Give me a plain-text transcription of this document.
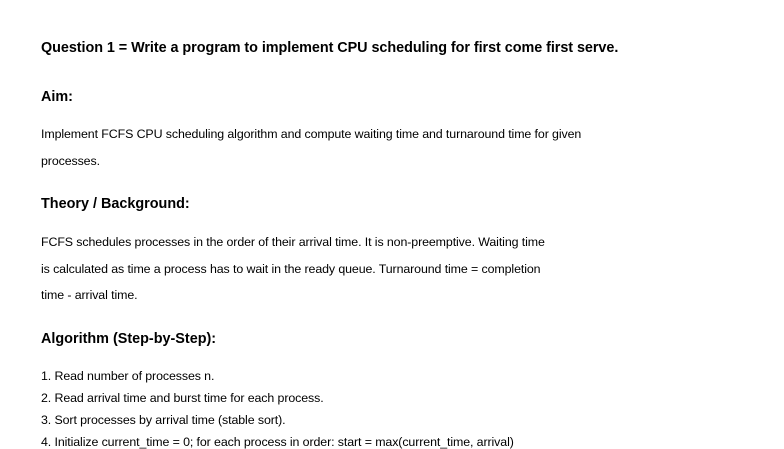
Question 1 = Write a program to implement CPU scheduling for first come first serve.
Aim:
Implement FCFS CPU scheduling algorithm and compute waiting time and turnaround time for given
processes.
Theory / Background:
FCFS schedules processes in the order of their arrival time. It is non-preemptive. Waiting time
is calculated as time a process has to wait in the ready queue. Turnaround time = completion
time - arrival time.
Algorithm (Step-by-Step):
1. Read number of processes n.
2. Read arrival time and burst time for each process.
3. Sort processes by arrival time (stable sort).
4. Initialize current_time = 0; for each process in order: start = max(current_time, arrival)
